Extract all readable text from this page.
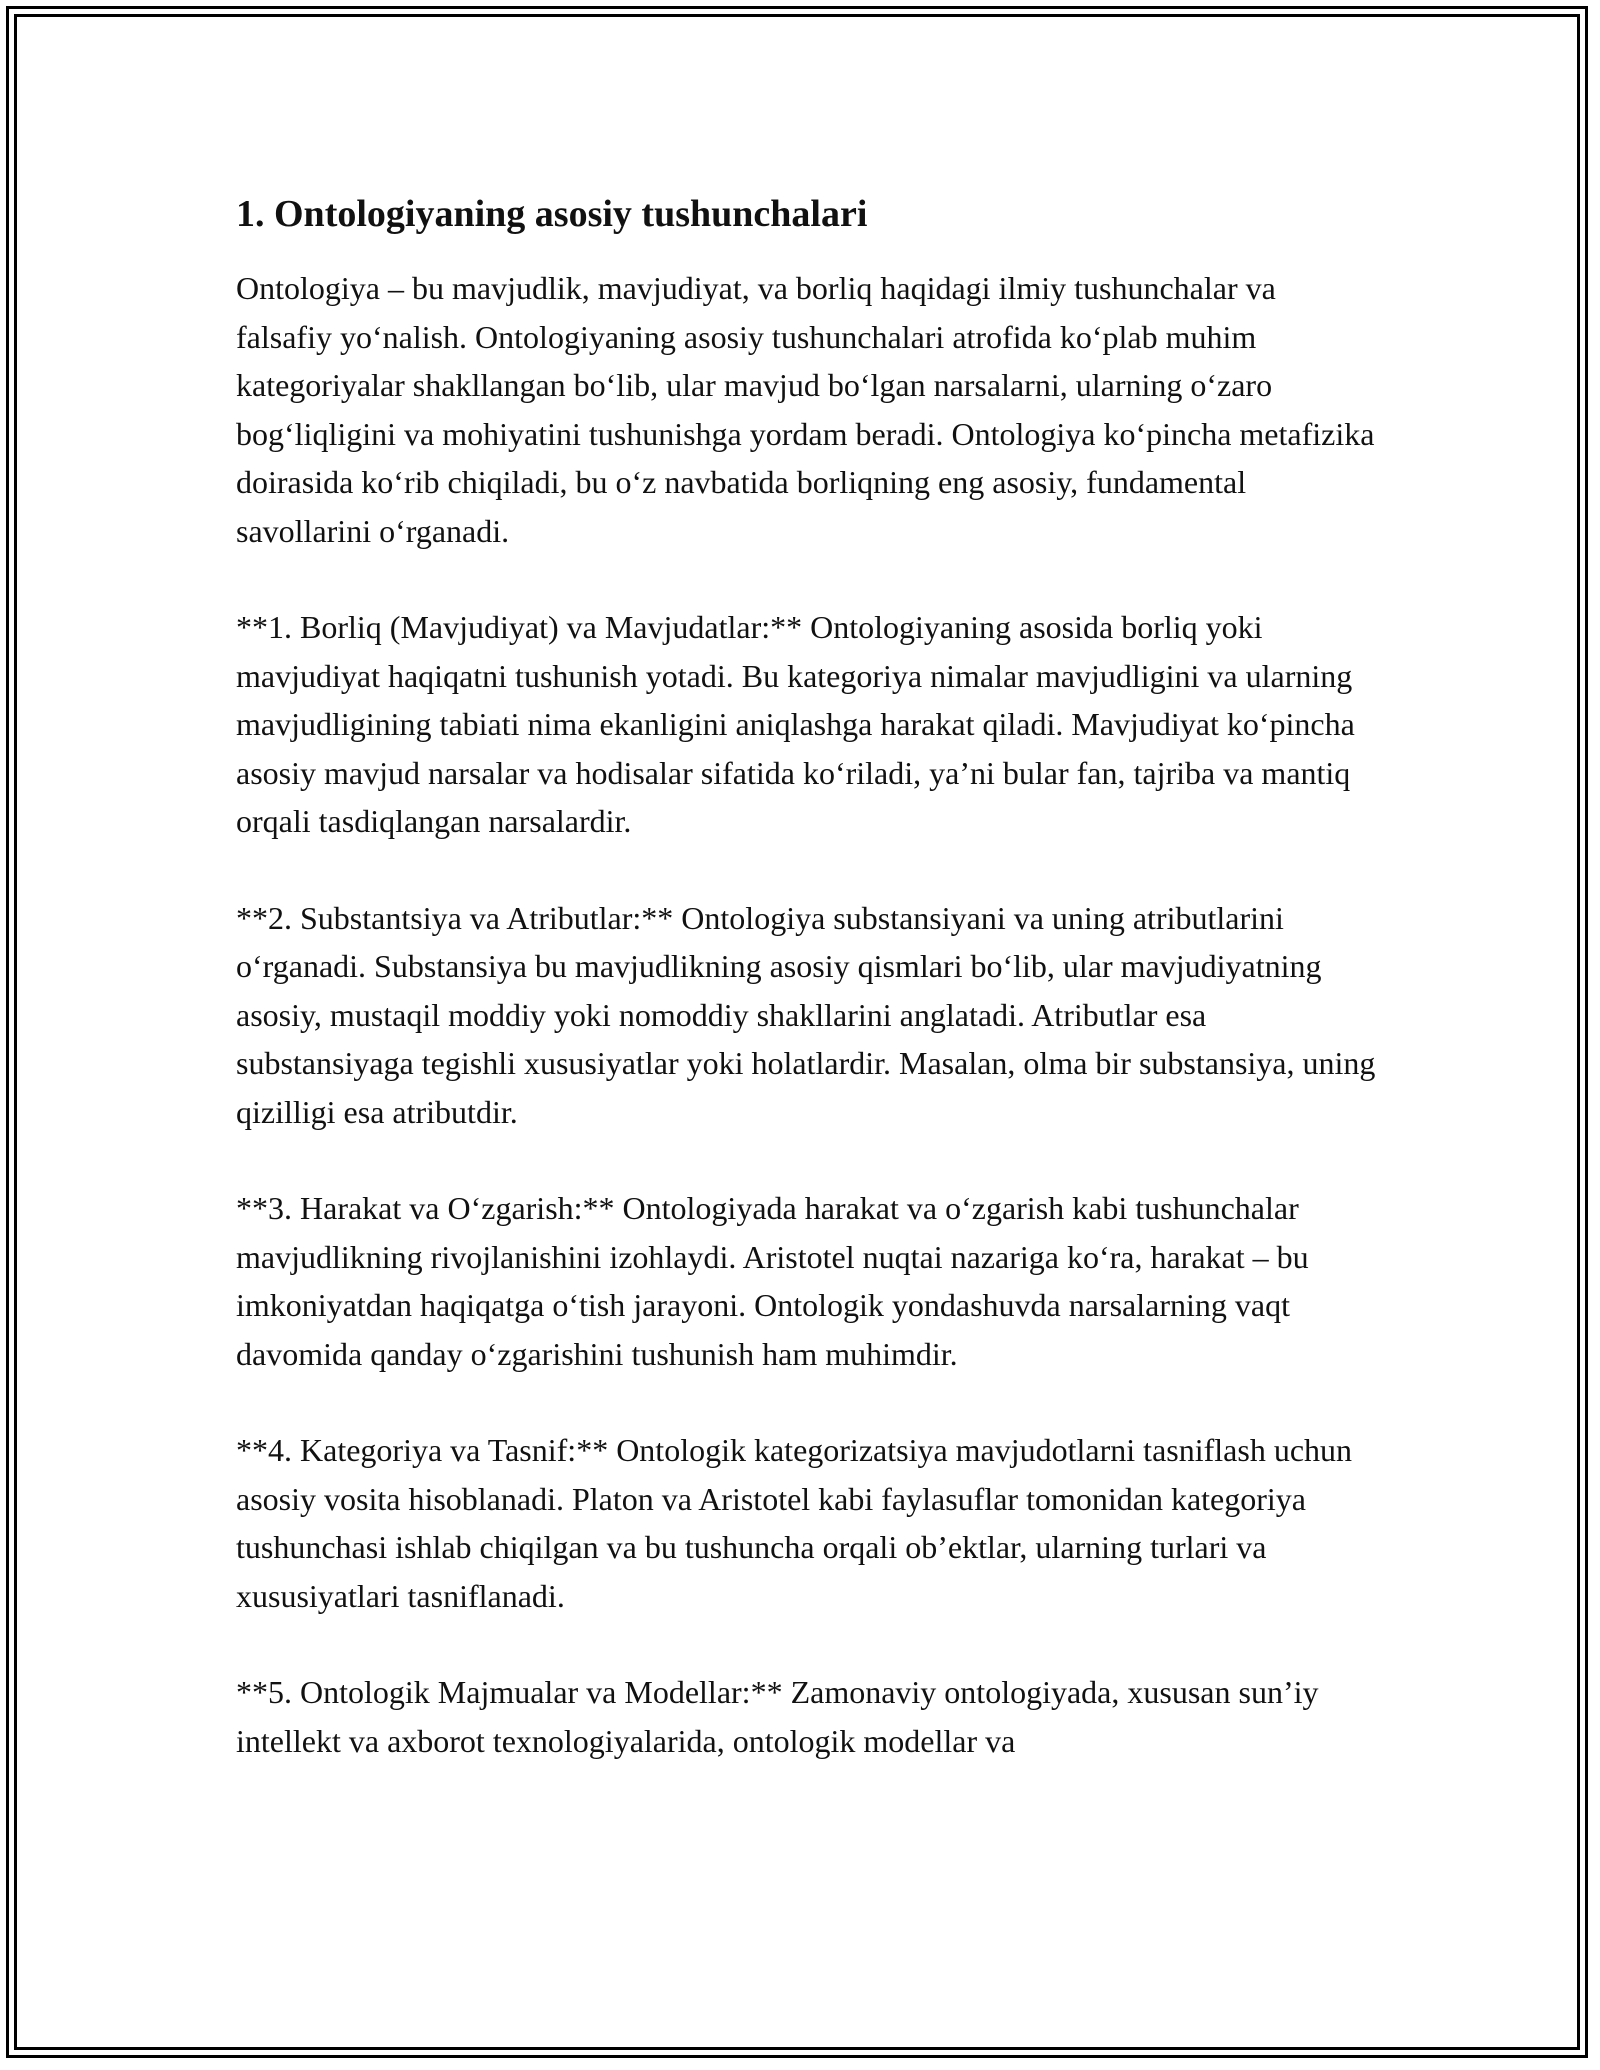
1. Ontologiyaning asosiy tushunchalari

Ontologiya – bu mavjudlik, mavjudiyat, va borliq haqidagi ilmiy tushunchalar va falsafiy yo‘nalish. Ontologiyaning asosiy tushunchalari atrofida ko‘plab muhim kategoriyalar shakllangan bo‘lib, ular mavjud bo‘lgan narsalarni, ularning o‘zaro bog‘liqligini va mohiyatini tushunishga yordam beradi. Ontologiya ko‘pincha metafizika doirasida ko‘rib chiqiladi, bu o‘z navbatida borliqning eng asosiy, fundamental savollarini o‘rganadi.

**1. Borliq (Mavjudiyat) va Mavjudatlar:** Ontologiyaning asosida borliq yoki mavjudiyat haqiqatni tushunish yotadi. Bu kategoriya nimalar mavjudligini va ularning mavjudligining tabiati nima ekanligini aniqlashga harakat qiladi. Mavjudiyat ko‘pincha asosiy mavjud narsalar va hodisalar sifatida ko‘riladi, ya’ni bular fan, tajriba va mantiq orqali tasdiqlangan narsalardir.

**2. Substantsiya va Atributlar:** Ontologiya substansiyani va uning atributlarini o‘rganadi. Substansiya bu mavjudlikning asosiy qismlari bo‘lib, ular mavjudiyatning asosiy, mustaqil moddiy yoki nomoddiy shakllarini anglatadi. Atributlar esa substansiyaga tegishli xususiyatlar yoki holatlardir. Masalan, olma bir substansiya, uning qizilligi esa atributdir.

**3. Harakat va O‘zgarish:** Ontologiyada harakat va o‘zgarish kabi tushunchalar mavjudlikning rivojlanishini izohlaydi. Aristotel nuqtai nazariga ko‘ra, harakat – bu imkoniyatdan haqiqatga o‘tish jarayoni. Ontologik yondashuvda narsalarning vaqt davomida qanday o‘zgarishini tushunish ham muhimdir.

**4. Kategoriya va Tasnif:** Ontologik kategorizatsiya mavjudotlarni tasniflash uchun asosiy vosita hisoblanadi. Platon va Aristotel kabi faylasuflar tomonidan kategoriya tushunchasi ishlab chiqilgan va bu tushuncha orqali ob’ektlar, ularning turlari va xususiyatlari tasniflanadi.

**5. Ontologik Majmualar va Modellar:** Zamonaviy ontologiyada, xususan sun’iy intellekt va axborot texnologiyalarida, ontologik modellar va
